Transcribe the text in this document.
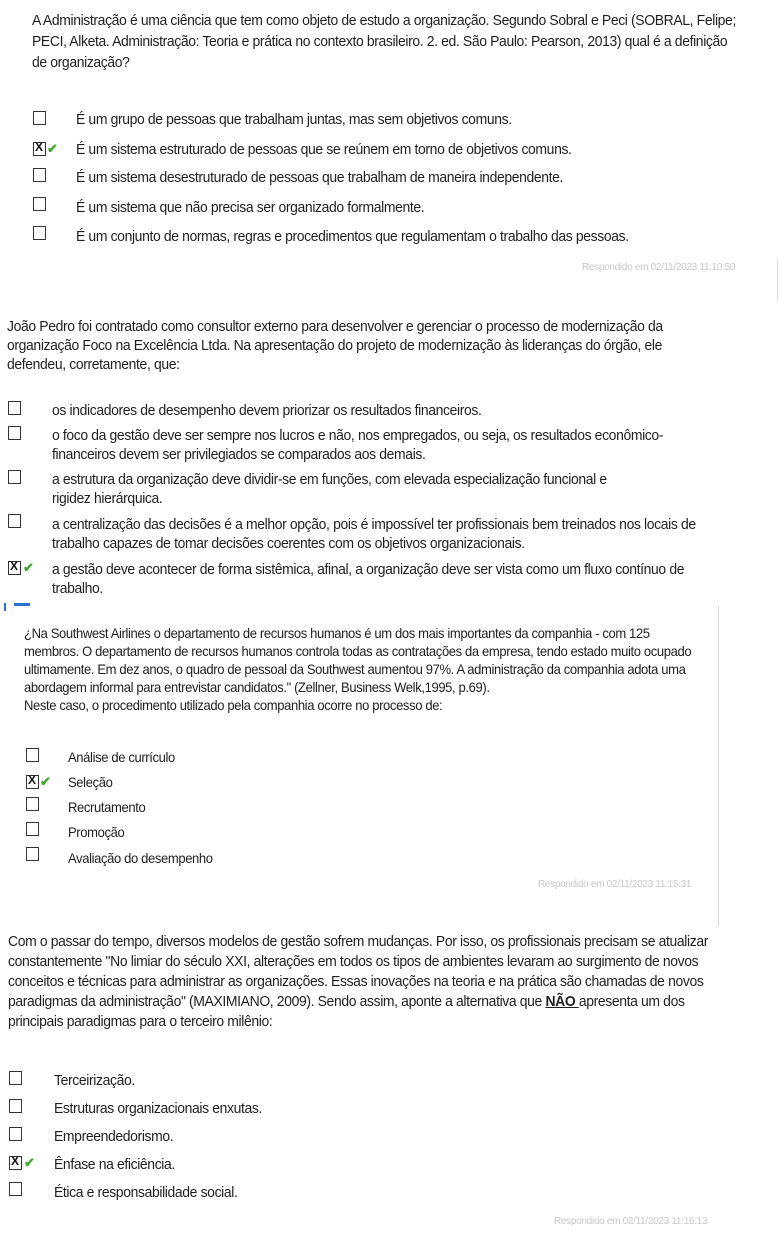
A Administração é uma ciência que tem como objeto de estudo a organização. Segundo Sobral e Peci (SOBRAL, Felipe; PECI, Alketa. Administração: Teoria e prática no contexto brasileiro. 2. ed. São Paulo: Pearson, 2013) qual é a definição de organização?
É um grupo de pessoas que trabalham juntas, mas sem objetivos comuns.
X
✔ É um sistema estruturado de pessoas que se reúnem em torno de objetivos comuns.
É um sistema desestruturado de pessoas que trabalham de maneira independente.
É um sistema que não precisa ser organizado formalmente.
É um conjunto de normas, regras e procedimentos que regulamentam o trabalho das pessoas.
Respondido em 02/11/2023 11:10:50
João Pedro foi contratado como consultor externo para desenvolver e gerenciar o processo de modernização da organização Foco na Excelência Ltda. Na apresentação do projeto de modernização às lideranças do órgão, ele defendeu, corretamente, que:
os indicadores de desempenho devem priorizar os resultados financeiros.
o foco da gestão deve ser sempre nos lucros e não, nos empregados, ou seja, os resultados econômico-financeiros devem ser privilegiados se comparados aos demais.
a estrutura da organização deve dividir-se em funções, com elevada especialização funcional e rigidez hierárquica.
a centralização das decisões é a melhor opção, pois é impossível ter profissionais bem treinados nos locais de trabalho capazes de tomar decisões coerentes com os objetivos organizacionais.
X
✔ a gestão deve acontecer de forma sistêmica, afinal, a organização deve ser vista como um fluxo contínuo de trabalho.

¿Na Southwest Airlines o departamento de recursos humanos é um dos mais importantes da companhia - com 125 membros. O departamento de recursos humanos controla todas as contratações da empresa, tendo estado muito ocupado ultimamente. Em dez anos, o quadro de pessoal da Southwest aumentou 97%. A administração da companhia adota uma abordagem informal para entrevistar candidatos." (Zellner, Business Welk,1995, p.69).

Neste caso, o procedimento utilizado pela companhia ocorre no processo de:

Análise de currículo
X
✔ Seleção
Recrutamento
Promoção
Avaliação do desempenho
Respondido em 02/11/2023 11:15:31
Com o passar do tempo, diversos modelos de gestão sofrem mudanças. Por isso, os profissionais precisam se atualizar constantemente "No limiar do século XXI, alterações em todos os tipos de ambientes levaram ao surgimento de novos conceitos e técnicas para administrar as organizações. Essas inovações na teoria e na prática são chamadas de novos paradigmas da administração" (MAXIMIANO, 2009). Sendo assim, aponte a alternativa que NÃO apresenta um dos principais paradigmas para o terceiro milênio:
Terceirização.
Estruturas organizacionais enxutas.
Empreendedorismo.
X
✔ Ênfase na eficiência.
Ética e responsabilidade social.
Respondido em 02/11/2023 11:16:13
